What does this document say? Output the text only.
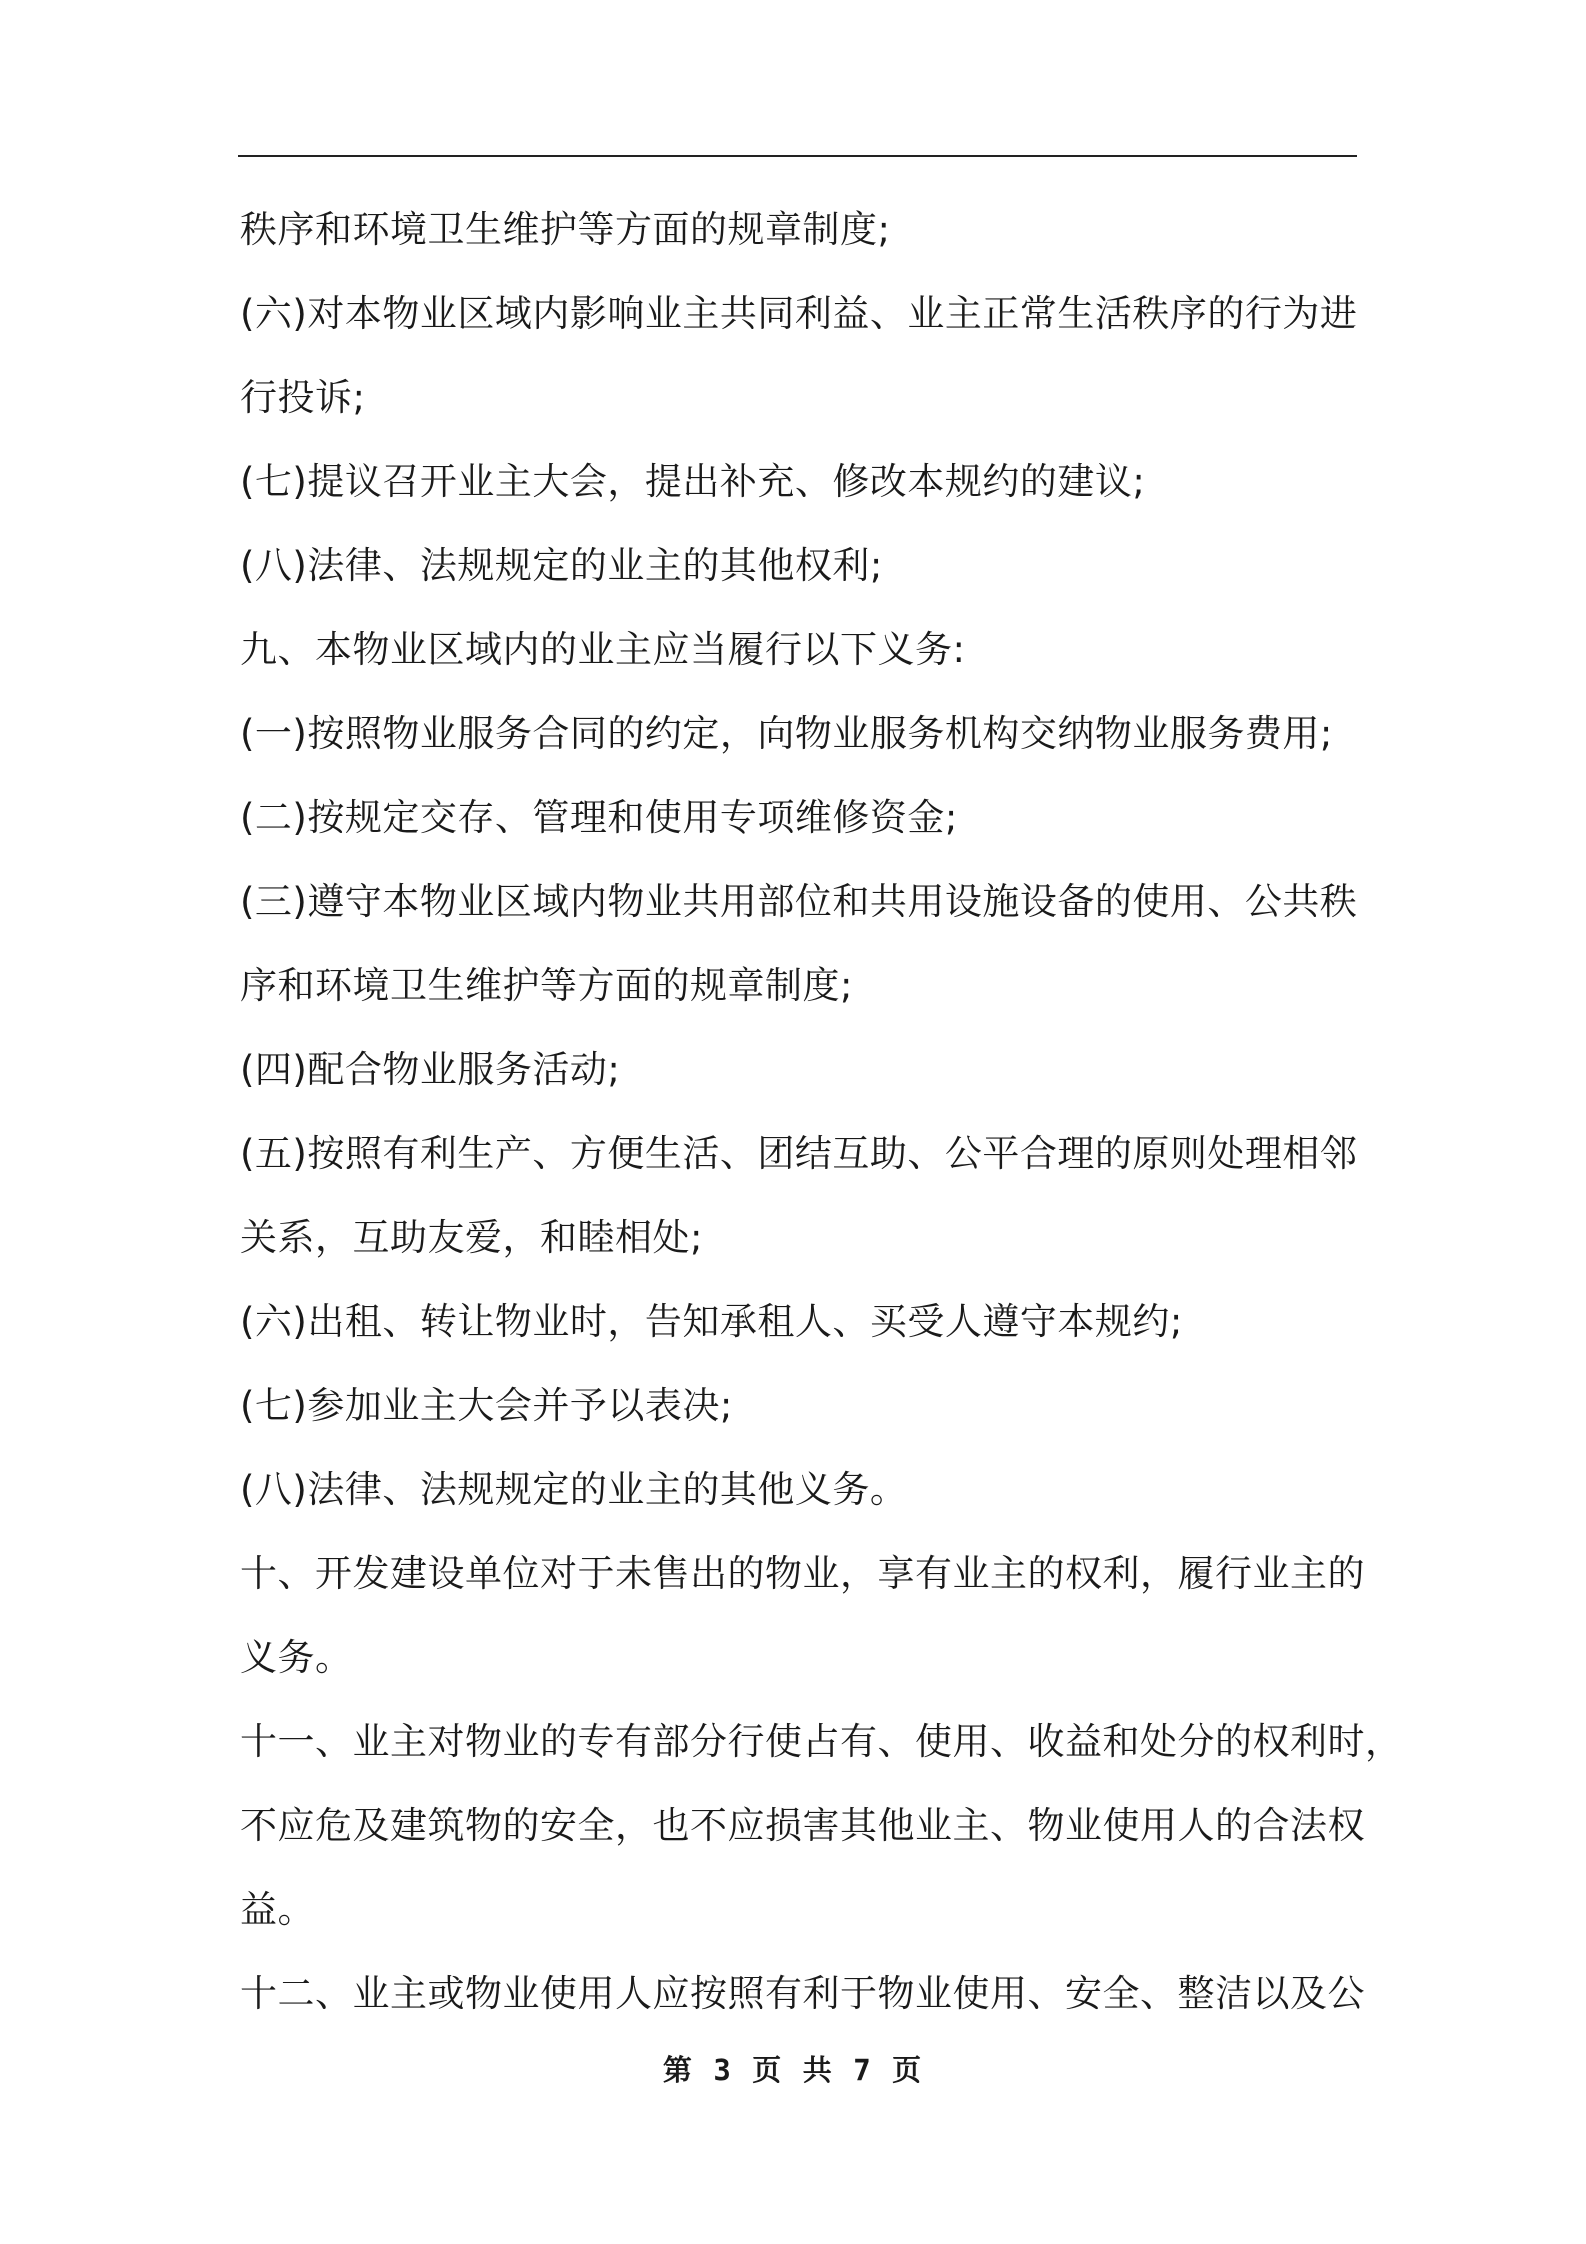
秩序和环境卫生维护等方面的规章制度;
(六)对本物业区域内影响业主共同利益、业主正常生活秩序的行为进
行投诉;
(七)提议召开业主大会，提出补充、修改本规约的建议;
(八)法律、法规规定的业主的其他权利;
九、本物业区域内的业主应当履行以下义务:
(一)按照物业服务合同的约定，向物业服务机构交纳物业服务费用;
(二)按规定交存、管理和使用专项维修资金;
(三)遵守本物业区域内物业共用部位和共用设施设备的使用、公共秩
序和环境卫生维护等方面的规章制度;
(四)配合物业服务活动;
(五)按照有利生产、方便生活、团结互助、公平合理的原则处理相邻
关系，互助友爱，和睦相处;
(六)出租、转让物业时，告知承租人、买受人遵守本规约;
(七)参加业主大会并予以表决;
(八)法律、法规规定的业主的其他义务。
十、开发建设单位对于未售出的物业，享有业主的权利，履行业主的
义务。
十一、业主对物业的专有部分行使占有、使用、收益和处分的权利时，
不应危及建筑物的安全，也不应损害其他业主、物业使用人的合法权
益。
十二、业主或物业使用人应按照有利于物业使用、安全、整洁以及公
第 3 页 共 7 页
